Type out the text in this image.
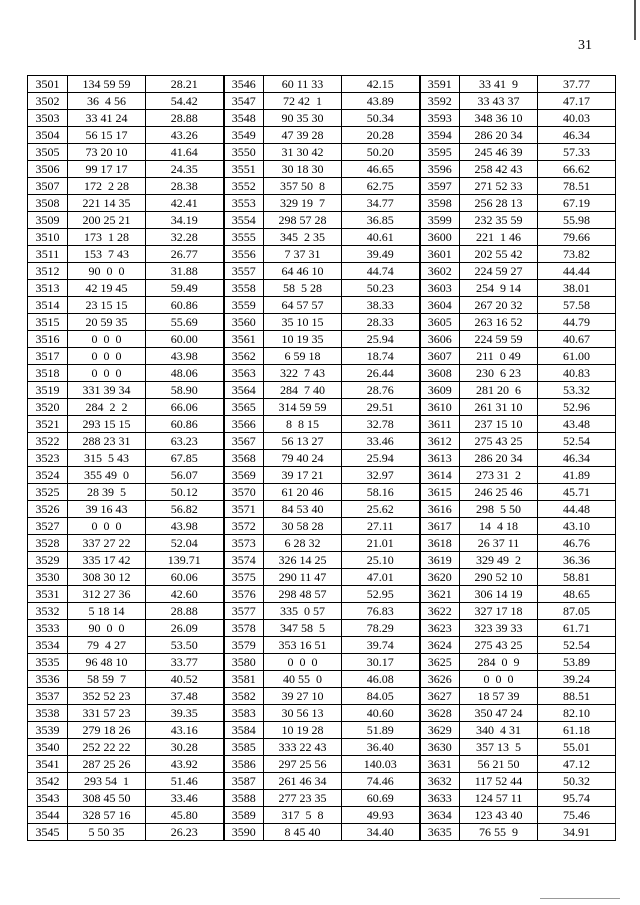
31
3501	134 59 59	28.21	3546	60 11 33	42.15	3591	33 41  9	37.77
3502	36  4 56	54.42	3547	72 42  1	43.89	3592	33 43 37	47.17
3503	33 41 24	28.88	3548	90 35 30	50.34	3593	348 36 10	40.03
3504	56 15 17	43.26	3549	47 39 28	20.28	3594	286 20 34	46.34
3505	73 20 10	41.64	3550	31 30 42	50.20	3595	245 46 39	57.33
3506	99 17 17	24.35	3551	30 18 30	46.65	3596	258 42 43	66.62
3507	172  2 28	28.38	3552	357 50  8	62.75	3597	271 52 33	78.51
3508	221 14 35	42.41	3553	329 19  7	34.77	3598	256 28 13	67.19
3509	200 25 21	34.19	3554	298 57 28	36.85	3599	232 35 59	55.98
3510	173  1 28	32.28	3555	345  2 35	40.61	3600	221  1 46	79.66
3511	153  7 43	26.77	3556	7 37 31	39.49	3601	202 55 42	73.82
3512	90  0  0	31.88	3557	64 46 10	44.74	3602	224 59 27	44.44
3513	42 19 45	59.49	3558	58  5 28	50.23	3603	254  9 14	38.01
3514	23 15 15	60.86	3559	64 57 57	38.33	3604	267 20 32	57.58
3515	20 59 35	55.69	3560	35 10 15	28.33	3605	263 16 52	44.79
3516	0  0  0	60.00	3561	10 19 35	25.94	3606	224 59 59	40.67
3517	0  0  0	43.98	3562	6 59 18	18.74	3607	211  0 49	61.00
3518	0  0  0	48.06	3563	322  7 43	26.44	3608	230  6 23	40.83
3519	331 39 34	58.90	3564	284  7 40	28.76	3609	281 20  6	53.32
3520	284  2  2	66.06	3565	314 59 59	29.51	3610	261 31 10	52.96
3521	293 15 15	60.86	3566	8  8 15	32.78	3611	237 15 10	43.48
3522	288 23 31	63.23	3567	56 13 27	33.46	3612	275 43 25	52.54
3523	315  5 43	67.85	3568	79 40 24	25.94	3613	286 20 34	46.34
3524	355 49  0	56.07	3569	39 17 21	32.97	3614	273 31  2	41.89
3525	28 39  5	50.12	3570	61 20 46	58.16	3615	246 25 46	45.71
3526	39 16 43	56.82	3571	84 53 40	25.62	3616	298  5 50	44.48
3527	0  0  0	43.98	3572	30 58 28	27.11	3617	14  4 18	43.10
3528	337 27 22	52.04	3573	6 28 32	21.01	3618	26 37 11	46.76
3529	335 17 42	139.71	3574	326 14 25	25.10	3619	329 49  2	36.36
3530	308 30 12	60.06	3575	290 11 47	47.01	3620	290 52 10	58.81
3531	312 27 36	42.60	3576	298 48 57	52.95	3621	306 14 19	48.65
3532	5 18 14	28.88	3577	335  0 57	76.83	3622	327 17 18	87.05
3533	90  0  0	26.09	3578	347 58  5	78.29	3623	323 39 33	61.71
3534	79  4 27	53.50	3579	353 16 51	39.74	3624	275 43 25	52.54
3535	96 48 10	33.77	3580	0  0  0	30.17	3625	284  0  9	53.89
3536	58 59  7	40.52	3581	40 55  0	46.08	3626	0  0  0	39.24
3537	352 52 23	37.48	3582	39 27 10	84.05	3627	18 57 39	88.51
3538	331 57 23	39.35	3583	30 56 13	40.60	3628	350 47 24	82.10
3539	279 18 26	43.16	3584	10 19 28	51.89	3629	340  4 31	61.18
3540	252 22 22	30.28	3585	333 22 43	36.40	3630	357 13  5	55.01
3541	287 25 26	43.92	3586	297 25 56	140.03	3631	56 21 50	47.12
3542	293 54  1	51.46	3587	261 46 34	74.46	3632	117 52 44	50.32
3543	308 45 50	33.46	3588	277 23 35	60.69	3633	124 57 11	95.74
3544	328 57 16	45.80	3589	317  5  8	49.93	3634	123 43 40	75.46
3545	5 50 35	26.23	3590	8 45 40	34.40	3635	76 55  9	34.91
